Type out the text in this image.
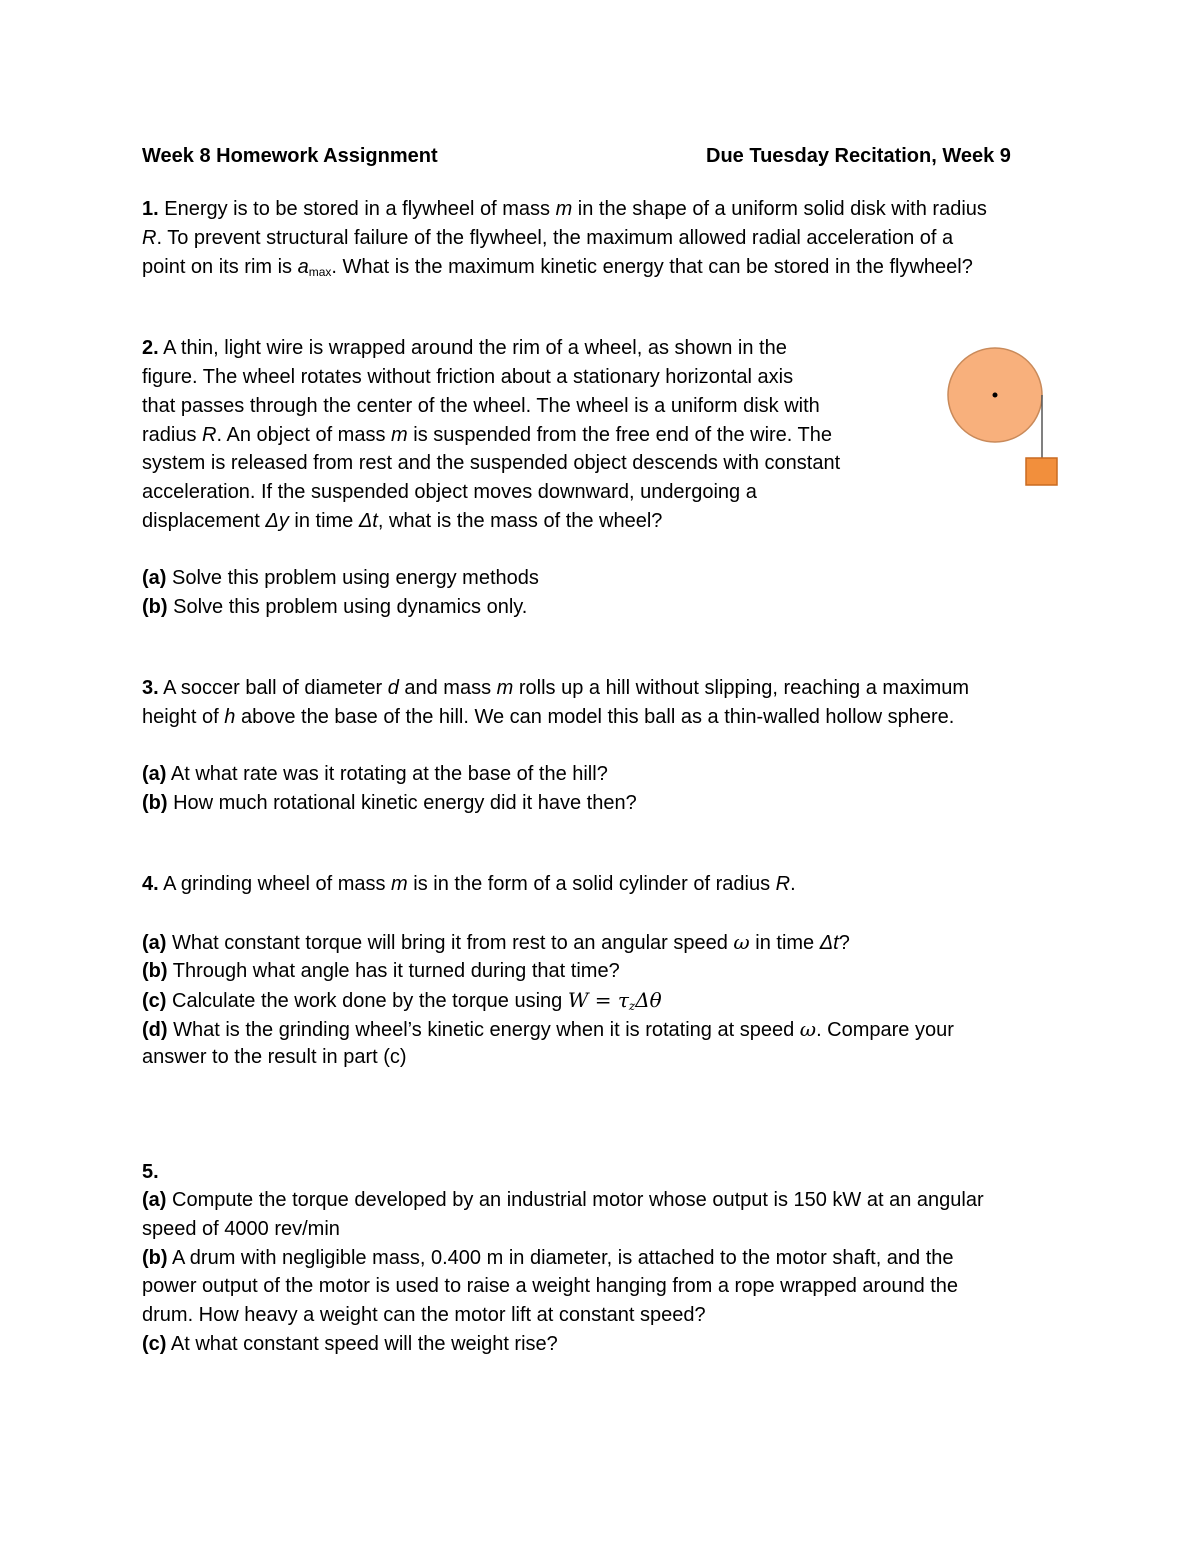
Week 8 Homework Assignment	Due Tuesday Recitation, Week 9
1. Energy is to be stored in a flywheel of mass m in the shape of a uniform solid disk with radius
R. To prevent structural failure of the flywheel, the maximum allowed radial acceleration of a
point on its rim is $a_{max}$. What is the maximum kinetic energy that can be stored in the flywheel?
2. A thin, light wire is wrapped around the rim of a wheel, as shown in the
figure. The wheel rotates without friction about a stationary horizontal axis
that passes through the center of the wheel. The wheel is a uniform disk with
radius R. An object of mass m is suspended from the free end of the wire. The
system is released from rest and the suspended object descends with constant
acceleration. If the suspended object moves downward, undergoing a
displacement Δy in time Δt, what is the mass of the wheel?
(a) Solve this problem using energy methods
(b) Solve this problem using dynamics only.
3. A soccer ball of diameter d and mass m rolls up a hill without slipping, reaching a maximum
height of h above the base of the hill. We can model this ball as a thin-walled hollow sphere.
(a) At what rate was it rotating at the base of the hill?
(b) How much rotational kinetic energy did it have then?
4. A grinding wheel of mass m is in the form of a solid cylinder of radius R.
(a) What constant torque will bring it from rest to an angular speed ω in time Δt?
(b) Through what angle has it turned during that time?
(c) Calculate the work done by the torque using $W = \tau_z\Delta\theta$
(d) What is the grinding wheel’s kinetic energy when it is rotating at speed ω. Compare your
answer to the result in part (c)
5.
(a) Compute the torque developed by an industrial motor whose output is 150 kW at an angular
speed of 4000 rev/min
(b) A drum with negligible mass, 0.400 m in diameter, is attached to the motor shaft, and the
power output of the motor is used to raise a weight hanging from a rope wrapped around the
drum. How heavy a weight can the motor lift at constant speed?
(c) At what constant speed will the weight rise?
